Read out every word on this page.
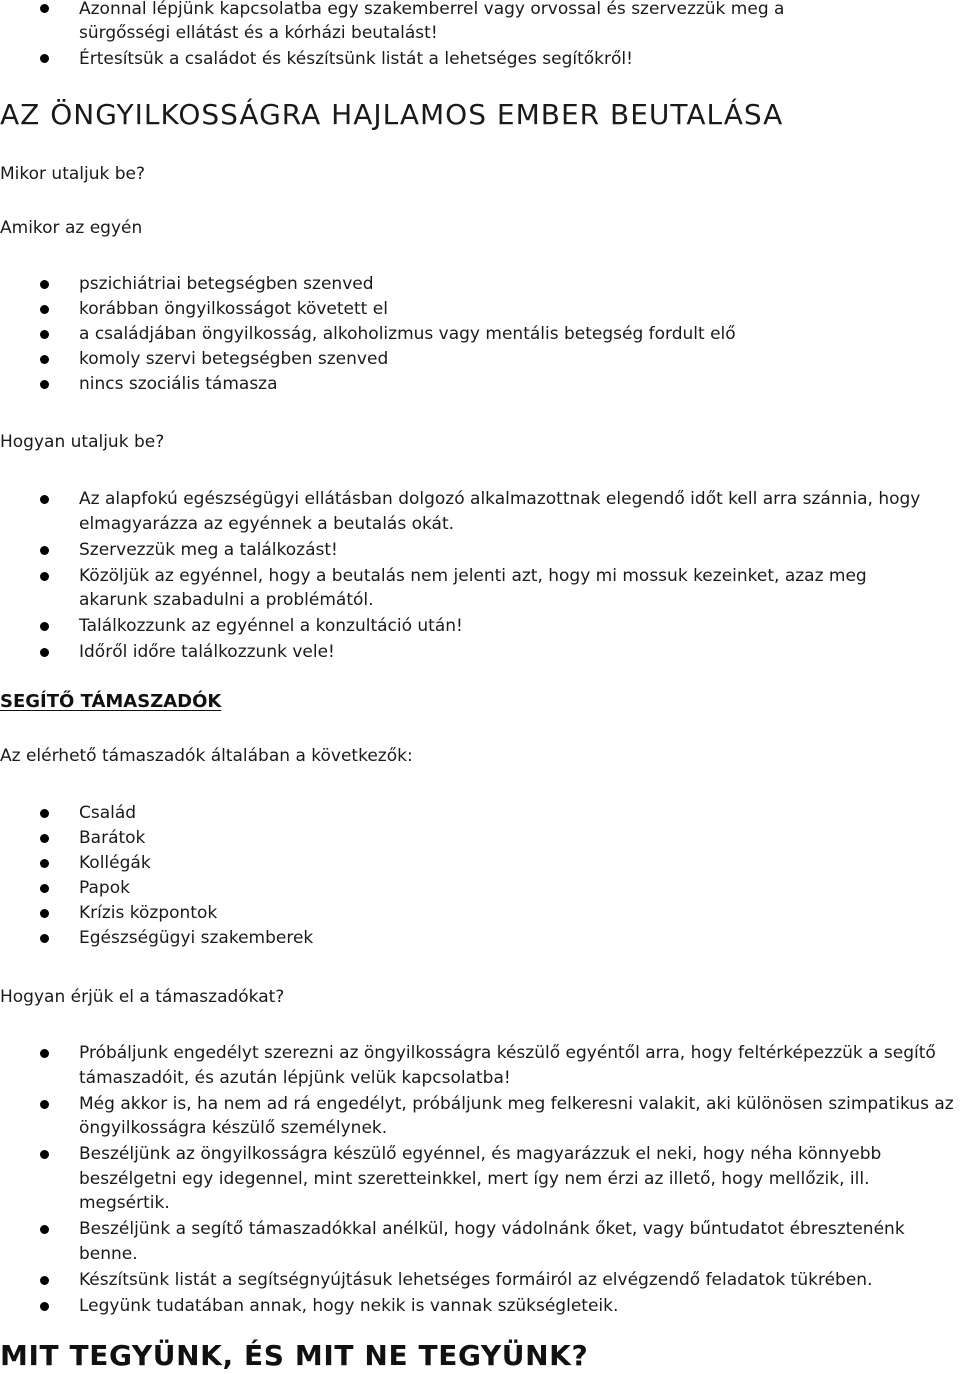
Azonnal lépjünk kapcsolatba egy szakemberrel vagy orvossal és szervezzük meg a sürgősségi ellátást és a kórházi beutalást!
Értesítsük a családot és készítsünk listát a lehetséges segítőkről!
AZ ÖNGYILKOSSÁGRA HAJLAMOS EMBER BEUTALÁSA

Mikor utaljuk be?

Amikor az egyén

pszichiátriai betegségben szenved
korábban öngyilkosságot követett el
a családjában öngyilkosság, alkoholizmus vagy mentális betegség fordult elő
komoly szervi betegségben szenved
nincs szociális támasza

Hogyan utaljuk be?

Az alapfokú egészségügyi ellátásban dolgozó alkalmazottnak elegendő időt kell arra szánnia, hogy elmagyarázza az egyénnek a beutalás okát.
Szervezzük meg a találkozást!
Közöljük az egyénnel, hogy a beutalás nem jelenti azt, hogy mi mossuk kezeinket, azaz meg akarunk szabadulni a problémától.
Találkozzunk az egyénnel a konzultáció után!
Időről időre találkozzunk vele!
SEGÍTŐ TÁMASZADÓK

Az elérhető támaszadók általában a következők:

Család
Barátok
Kollégák
Papok
Krízis központok
Egészségügyi szakemberek

Hogyan érjük el a támaszadókat?

Próbáljunk engedélyt szerezni az öngyilkosságra készülő egyéntől arra, hogy feltérképezzük a segítő támaszadóit, és azután lépjünk velük kapcsolatba!
Még akkor is, ha nem ad rá engedélyt, próbáljunk meg felkeresni valakit, aki különösen szimpatikus az öngyilkosságra készülő személynek.
Beszéljünk az öngyilkosságra készülő egyénnel, és magyarázzuk el neki, hogy néha könnyebb beszélgetni egy idegennel, mint szeretteinkkel, mert így nem érzi az illető, hogy mellőzik, ill. megsértik.
Beszéljünk a segítő támaszadókkal anélkül, hogy vádolnánk őket, vagy bűntudatot ébresztenénk benne.
Készítsünk listát a segítségnyújtásuk lehetséges formáiról az elvégzendő feladatok tükrében.
Legyünk tudatában annak, hogy nekik is vannak szükségleteik.
MIT TEGYÜNK, ÉS MIT NE TEGYÜNK?
